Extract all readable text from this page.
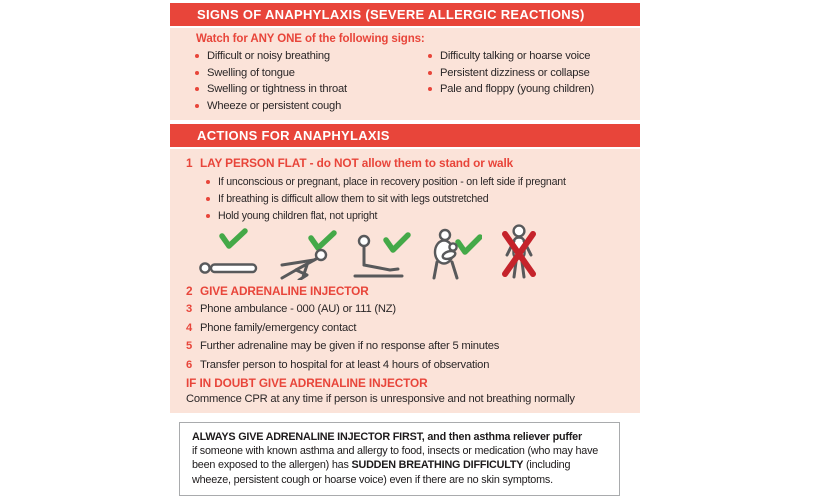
SIGNS OF ANAPHYLAXIS (SEVERE ALLERGIC REACTIONS)

Watch for ANY ONE of the following signs:

Difficult or noisy breathing
Swelling of tongue
Swelling or tightness in throat
Wheeze or persistent cough
Difficulty talking or hoarse voice
Persistent dizziness or collapse
Pale and floppy (young children)
ACTIONS FOR ANAPHYLAXIS
1 LAY PERSON FLAT - do NOT allow them to stand or walk
If unconscious or pregnant, place in recovery position - on left side if pregnant
If breathing is difficult allow them to sit with legs outstretched
Hold young children flat, not upright
2 GIVE ADRENALINE INJECTOR
3 Phone ambulance - 000 (AU) or 111 (NZ)
4 Phone family/emergency contact
5 Further adrenaline may be given if no response after 5 minutes
6 Transfer person to hospital for at least 4 hours of observation

IF IN DOUBT GIVE ADRENALINE INJECTOR

Commence CPR at any time if person is unresponsive and not breathing normally

ALWAYS GIVE ADRENALINE INJECTOR FIRST, and then asthma reliever puffer

if someone with known asthma and allergy to food, insects or medication (who may have been exposed to the allergen) has SUDDEN BREATHING DIFFICULTY (including wheeze, persistent cough or hoarse voice) even if there are no skin symptoms.
